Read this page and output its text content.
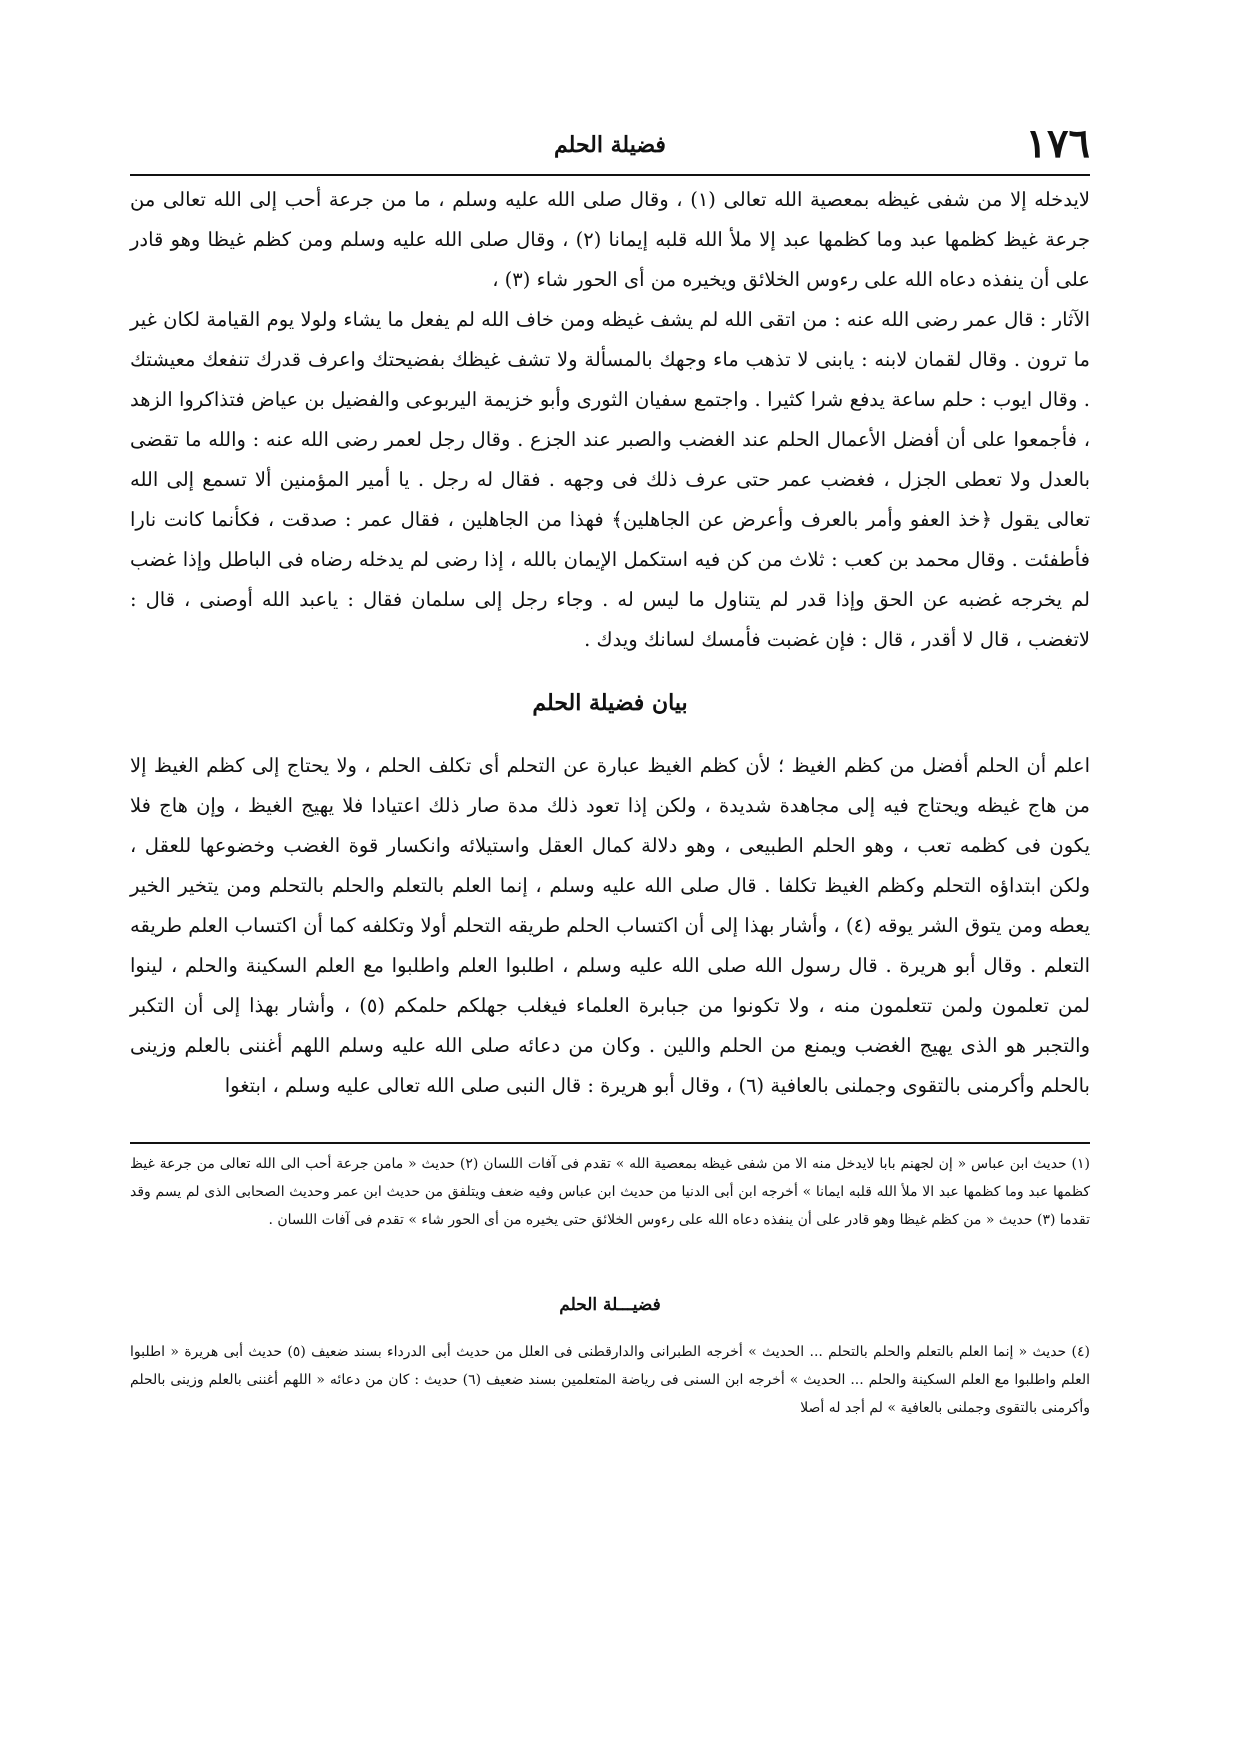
١٧٦
فضيلة الحلم

لايدخله إلا من شفى غيظه بمعصية الله تعالى (١) ، وقال صلى الله عليه وسلم ، ما من جرعة أحب إلى الله تعالى من جرعة غيظ كظمها عبد وما كظمها عبد إلا ملأ الله قلبه إيمانا (٢) ، وقال صلى الله عليه وسلم ومن كظم غيظا وهو قادر على أن ينفذه دعاه الله على رءوس الخلائق ويخيره من أى الحور شاء (٣) ،

الآثار : قال عمر رضى الله عنه : من اتقى الله لم يشف غيظه ومن خاف الله لم يفعل ما يشاء ولولا يوم القيامة لكان غير ما ترون . وقال لقمان لابنه : يابنى لا تذهب ماء وجهك بالمسألة ولا تشف غيظك بفضيحتك واعرف قدرك تنفعك معيشتك . وقال ايوب : حلم ساعة يدفع شرا كثيرا . واجتمع سفيان الثورى وأبو خزيمة اليربوعى والفضيل بن عياض فتذاكروا الزهد ، فأجمعوا على أن أفضل الأعمال الحلم عند الغضب والصبر عند الجزع . وقال رجل لعمر رضى الله عنه : والله ما تقضى بالعدل ولا تعطى الجزل ، فغضب عمر حتى عرف ذلك فى وجهه . فقال له رجل . يا أمير المؤمنين ألا تسمع إلى الله تعالى يقول ﴿خذ العفو وأمر بالعرف وأعرض عن الجاهلين﴾ فهذا من الجاهلين ، فقال عمر : صدقت ، فكأنما كانت نارا فأطفئت . وقال محمد بن كعب : ثلاث من كن فيه استكمل الإيمان بالله ، إذا رضى لم يدخله رضاه فى الباطل وإذا غضب لم يخرجه غضبه عن الحق وإذا قدر لم يتناول ما ليس له . وجاء رجل إلى سلمان فقال : ياعبد الله أوصنى ، قال : لاتغضب ، قال لا أقدر ، قال : فإن غضبت فأمسك لسانك ويدك .

بيان فضيلة الحلم

اعلم أن الحلم أفضل من كظم الغيظ ؛ لأن كظم الغيظ عبارة عن التحلم أى تكلف الحلم ، ولا يحتاج إلى كظم الغيظ إلا من هاج غيظه ويحتاج فيه إلى مجاهدة شديدة ، ولكن إذا تعود ذلك مدة صار ذلك اعتيادا فلا يهيج الغيظ ، وإن هاج فلا يكون فى كظمه تعب ، وهو الحلم الطبيعى ، وهو دلالة كمال العقل واستيلائه وانكسار قوة الغضب وخضوعها للعقل ، ولكن ابتداؤه التحلم وكظم الغيظ تكلفا . قال صلى الله عليه وسلم ، إنما العلم بالتعلم والحلم بالتحلم ومن يتخير الخير يعطه ومن يتوق الشر يوقه (٤) ، وأشار بهذا إلى أن اكتساب الحلم طريقه التحلم أولا وتكلفه كما أن اكتساب العلم طريقه التعلم . وقال أبو هريرة . قال رسول الله صلى الله عليه وسلم ، اطلبوا العلم واطلبوا مع العلم السكينة والحلم ، لينوا لمن تعلمون ولمن تتعلمون منه ، ولا تكونوا من جبابرة العلماء فيغلب جهلكم حلمكم (٥) ، وأشار بهذا إلى أن التكبر والتجبر هو الذى يهيج الغضب ويمنع من الحلم واللين . وكان من دعائه صلى الله عليه وسلم اللهم أغننى بالعلم وزينى بالحلم وأكرمنى بالتقوى وجملنى بالعافية (٦) ، وقال أبو هريرة : قال النبى صلى الله تعالى عليه وسلم ، ابتغوا

(١) حديث ابن عباس « إن لجهنم بابا لايدخل منه الا من شفى غيظه بمعصية الله » تقدم فى آفات اللسان (٢) حديث « مامن جرعة أحب الى الله تعالى من جرعة غيظ كظمها عبد وما كظمها عبد الا ملأ الله قلبه ايمانا » أخرجه ابن أبى الدنيا من حديث ابن عباس وفيه ضعف ويتلفق من حديث ابن عمر وحديث الصحابى الذى لم يسم وقد تقدما (٣) حديث « من كظم غيظا وهو قادر على أن ينفذه دعاه الله على رءوس الخلائق حتى يخيره من أى الحور شاء » تقدم فى آفات اللسان .
فضيـــلة الحلم
(٤) حديث « إنما العلم بالتعلم والحلم بالتحلم ... الحديث » أخرجه الطبرانى والدارقطنى فى العلل من حديث أبى الدرداء بسند ضعيف (٥) حديث أبى هريرة « اطلبوا العلم واطلبوا مع العلم السكينة والحلم ... الحديث » أخرجه ابن السنى فى رياضة المتعلمين بسند ضعيف (٦) حديث : كان من دعائه « اللهم أغننى بالعلم وزينى بالحلم وأكرمنى بالتقوى وجملنى بالعافية » لم أجد له أصلا
